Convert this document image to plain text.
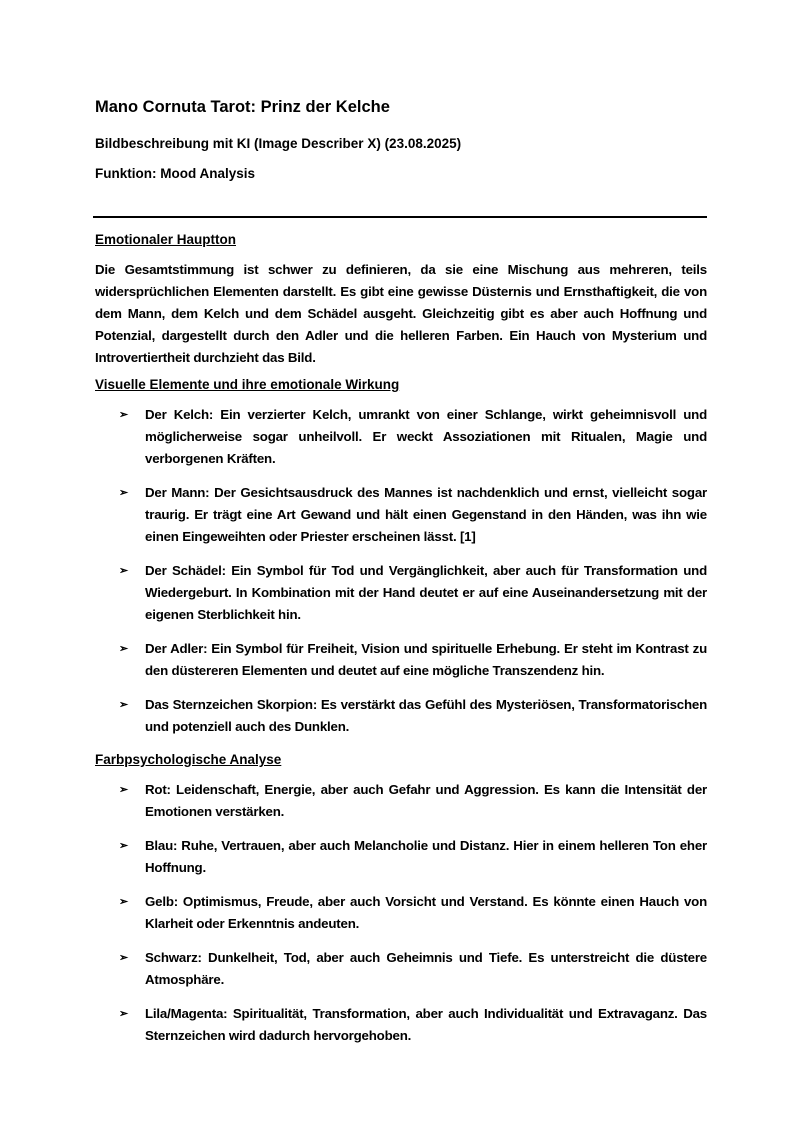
Mano Cornuta Tarot: Prinz der Kelche
Bildbeschreibung mit KI (Image Describer X) (23.08.2025)
Funktion: Mood Analysis
Emotionaler Hauptton

Die Gesamtstimmung ist schwer zu definieren, da sie eine Mischung aus mehreren, teils widersprüchlichen Elementen darstellt. Es gibt eine gewisse Düsternis und Ernsthaftigkeit, die von dem Mann, dem Kelch und dem Schädel ausgeht. Gleichzeitig gibt es aber auch Hoffnung und Potenzial, dargestellt durch den Adler und die helleren Farben. Ein Hauch von Mysterium und Introvertiertheit durchzieht das Bild.

Visuelle Elemente und ihre emotionale Wirkung
➢ Der Kelch: Ein verzierter Kelch, umrankt von einer Schlange, wirkt geheimnisvoll und möglicherweise sogar unheilvoll. Er weckt Assoziationen mit Ritualen, Magie und verborgenen Kräften.
➢ Der Mann: Der Gesichtsausdruck des Mannes ist nachdenklich und ernst, vielleicht sogar traurig. Er trägt eine Art Gewand und hält einen Gegenstand in den Händen, was ihn wie einen Eingeweihten oder Priester erscheinen lässt. [1]
➢ Der Schädel: Ein Symbol für Tod und Vergänglichkeit, aber auch für Transformation und Wiedergeburt. In Kombination mit der Hand deutet er auf eine Auseinandersetzung mit der eigenen Sterblichkeit hin.
➢ Der Adler: Ein Symbol für Freiheit, Vision und spirituelle Erhebung. Er steht im Kontrast zu den düstereren Elementen und deutet auf eine mögliche Transzendenz hin.
➢ Das Sternzeichen Skorpion: Es verstärkt das Gefühl des Mysteriösen, Transformatorischen und potenziell auch des Dunklen.
Farbpsychologische Analyse
➢ Rot: Leidenschaft, Energie, aber auch Gefahr und Aggression. Es kann die Intensität der Emotionen verstärken.
➢ Blau: Ruhe, Vertrauen, aber auch Melancholie und Distanz. Hier in einem helleren Ton eher Hoffnung.
➢ Gelb: Optimismus, Freude, aber auch Vorsicht und Verstand. Es könnte einen Hauch von Klarheit oder Erkenntnis andeuten.
➢ Schwarz: Dunkelheit, Tod, aber auch Geheimnis und Tiefe. Es unterstreicht die düstere Atmosphäre.
➢ Lila/Magenta: Spiritualität, Transformation, aber auch Individualität und Extravaganz. Das Sternzeichen wird dadurch hervorgehoben.
